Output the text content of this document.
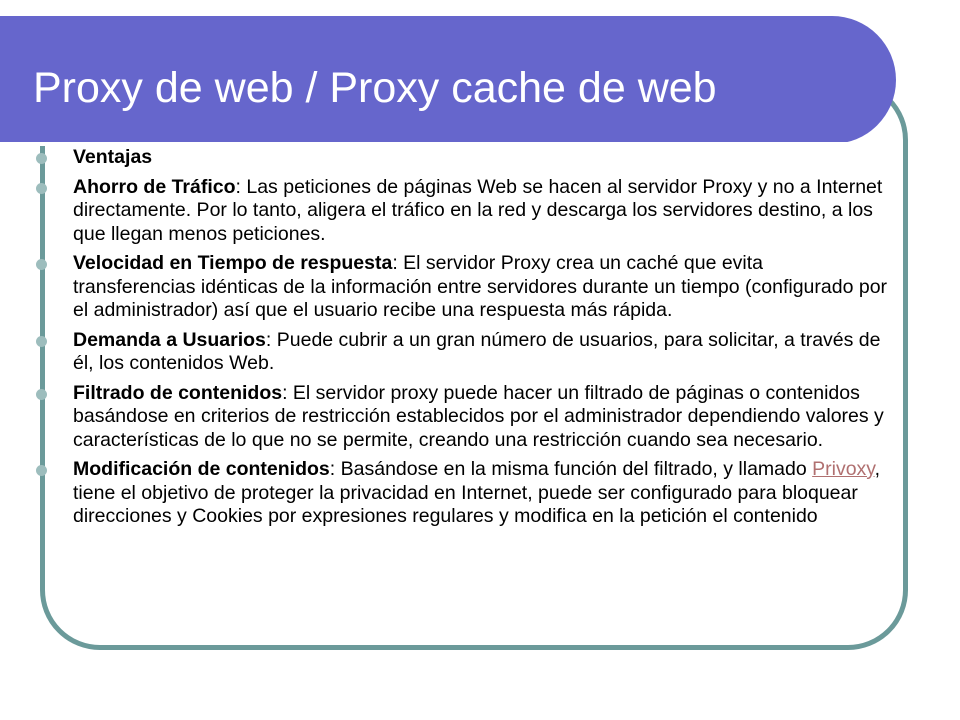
Proxy de web / Proxy cache de web
Ventajas
Ahorro de Tráfico: Las peticiones de páginas Web se hacen al servidor Proxy y no a Internet directamente. Por lo tanto, aligera el tráfico en la red y descarga los servidores destino, a los que llegan menos peticiones.
Velocidad en Tiempo de respuesta: El servidor Proxy crea un caché que evita transferencias idénticas de la información entre servidores durante un tiempo (configurado por el administrador) así que el usuario recibe una respuesta más rápida.
Demanda a Usuarios: Puede cubrir a un gran número de usuarios, para solicitar, a través de él, los contenidos Web.
Filtrado de contenidos: El servidor proxy puede hacer un filtrado de páginas o contenidos basándose en criterios de restricción establecidos por el administrador dependiendo valores y características de lo que no se permite, creando una restricción cuando sea necesario.
Modificación de contenidos: Basándose en la misma función del filtrado, y llamado Privoxy, tiene el objetivo de proteger la privacidad en Internet, puede ser configurado para bloquear direcciones y Cookies por expresiones regulares y modifica en la petición el contenido
